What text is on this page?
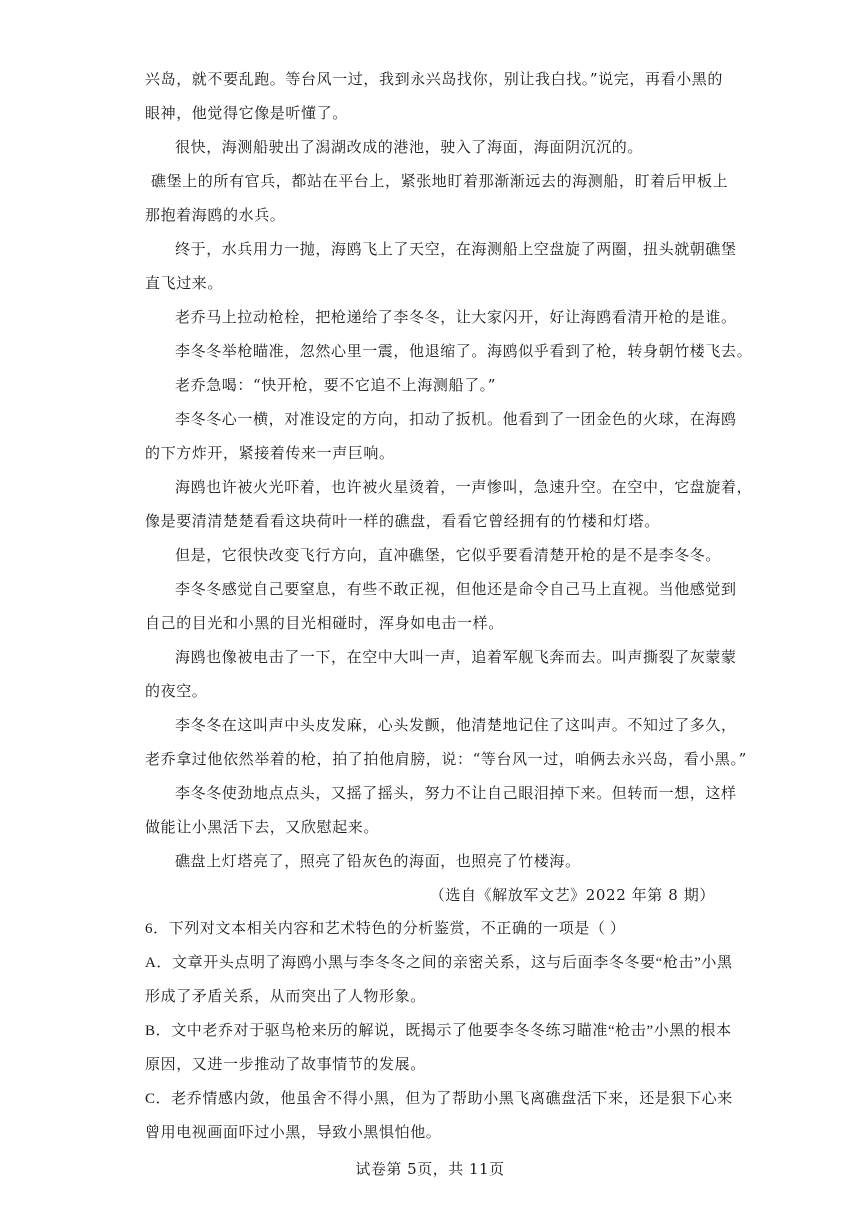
兴岛，就不要乱跑。等台风一过，我到永兴岛找你，别让我白找。”说完，再看小黑的
眼神，他觉得它像是听懂了。
很快，海测船驶出了潟湖改成的港池，驶入了海面，海面阴沉沉的。
礁堡上的所有官兵，都站在平台上，紧张地盯着那渐渐远去的海测船，盯着后甲板上
那抱着海鸥的水兵。
终于，水兵用力一抛，海鸥飞上了天空，在海测船上空盘旋了两圈，扭头就朝礁堡
直飞过来。
老乔马上拉动枪栓，把枪递给了李冬冬，让大家闪开，好让海鸥看清开枪的是谁。
李冬冬举枪瞄准，忽然心里一震，他退缩了。海鸥似乎看到了枪，转身朝竹楼飞去。
老乔急喝：“快开枪，要不它追不上海测船了。”
李冬冬心一横，对准设定的方向，扣动了扳机。他看到了一团金色的火球，在海鸥
的下方炸开，紧接着传来一声巨响。
海鸥也许被火光吓着，也许被火星烫着，一声惨叫，急速升空。在空中，它盘旋着，
像是要清清楚楚看看这块荷叶一样的礁盘，看看它曾经拥有的竹楼和灯塔。
但是，它很快改变飞行方向，直冲礁堡，它似乎要看清楚开枪的是不是李冬冬。
李冬冬感觉自己要窒息，有些不敢正视，但他还是命令自己马上直视。当他感觉到
自己的目光和小黑的目光相碰时，浑身如电击一样。
海鸥也像被电击了一下，在空中大叫一声，追着军舰飞奔而去。叫声撕裂了灰蒙蒙
的夜空。
李冬冬在这叫声中头皮发麻，心头发颤，他清楚地记住了这叫声。不知过了多久，
老乔拿过他依然举着的枪，拍了拍他肩膀，说：“等台风一过，咱俩去永兴岛，看小黑。”
李冬冬使劲地点点头，又摇了摇头，努力不让自己眼泪掉下来。但转而一想，这样
做能让小黑活下去，又欣慰起来。
礁盘上灯塔亮了，照亮了铅灰色的海面，也照亮了竹楼海。
（选自《解放军文艺》2022 年第 8 期）
6．下列对文本相关内容和艺术特色的分析鉴赏，不正确的一项是（ ）
A．文章开头点明了海鸥小黑与李冬冬之间的亲密关系，这与后面李冬冬要“枪击”小黑
形成了矛盾关系，从而突出了人物形象。
B．文中老乔对于驱鸟枪来历的解说，既揭示了他要李冬冬练习瞄准“枪击”小黑的根本
原因，又进一步推动了故事情节的发展。
C．老乔情感内敛，他虽舍不得小黑，但为了帮助小黑飞离礁盘活下来，还是狠下心来
曾用电视画面吓过小黑，导致小黑惧怕他。
试卷第 5页，共 11页
